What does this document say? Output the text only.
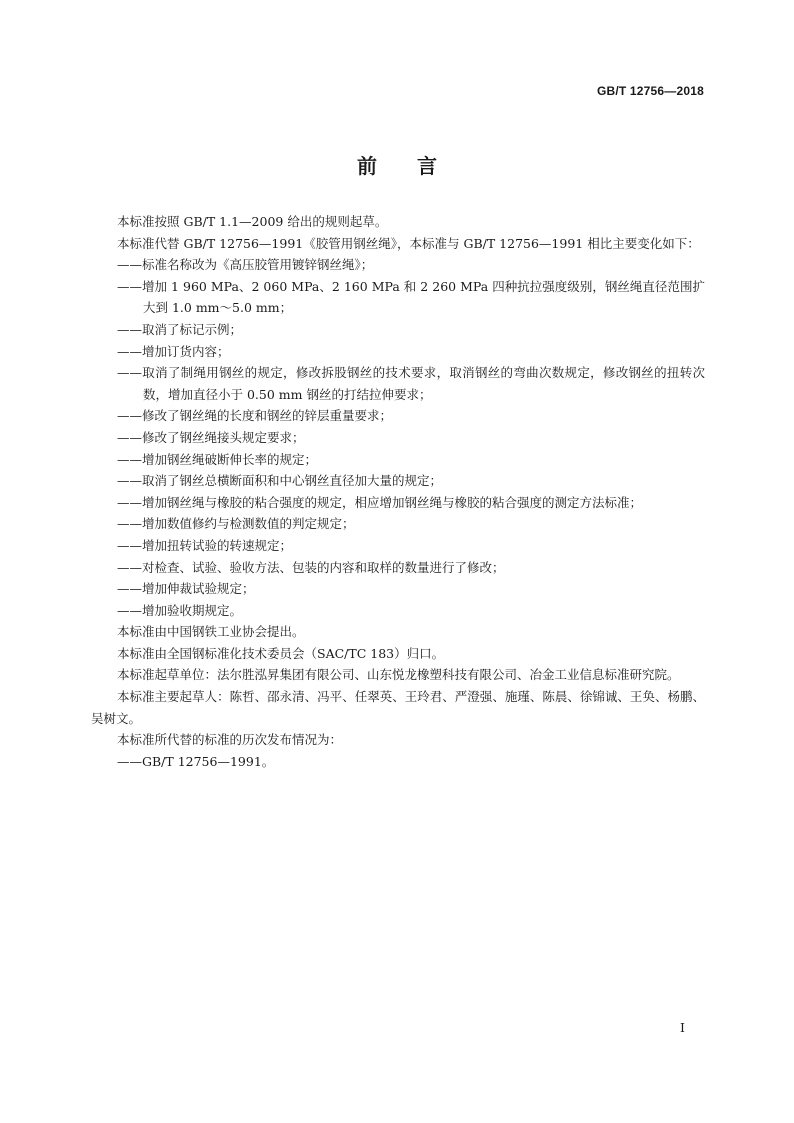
GB/T 12756—2018
前 言

本标准按照 GB/T 1.1—2009 给出的规则起草。

本标准代替 GB/T 12756—1991《胶管用钢丝绳》，本标准与 GB/T 12756—1991 相比主要变化如下：

——标准名称改为《高压胶管用镀锌钢丝绳》；

——增加 1 960 MPa、2 060 MPa、2 160 MPa 和 2 260 MPa 四种抗拉强度级别，钢丝绳直径范围扩大到 1.0 mm～5.0 mm；

——取消了标记示例；

——增加订货内容；

——取消了制绳用钢丝的规定，修改拆股钢丝的技术要求，取消钢丝的弯曲次数规定，修改钢丝的扭转次数，增加直径小于 0.50 mm 钢丝的打结拉伸要求；

——修改了钢丝绳的长度和钢丝的锌层重量要求；

——修改了钢丝绳接头规定要求；

——增加钢丝绳破断伸长率的规定；

——取消了钢丝总横断面积和中心钢丝直径加大量的规定；

——增加钢丝绳与橡胶的粘合强度的规定，相应增加钢丝绳与橡胶的粘合强度的测定方法标准；

——增加数值修约与检测数值的判定规定；

——增加扭转试验的转速规定；

——对检查、试验、验收方法、包装的内容和取样的数量进行了修改；

——增加伸裁试验规定；

——增加验收期规定。

本标准由中国钢铁工业协会提出。

本标准由全国钢标准化技术委员会（SAC/TC 183）归口。

本标准起草单位：法尔胜泓昇集团有限公司、山东悦龙橡塑科技有限公司、冶金工业信息标准研究院。

本标准主要起草人：陈哲、邵永清、冯平、任翠英、王玲君、严澄强、施瑾、陈晨、徐锦诚、王奂、杨鹏、吴树文。

本标准所代替的标准的历次发布情况为：

——GB/T 12756—1991。

I
